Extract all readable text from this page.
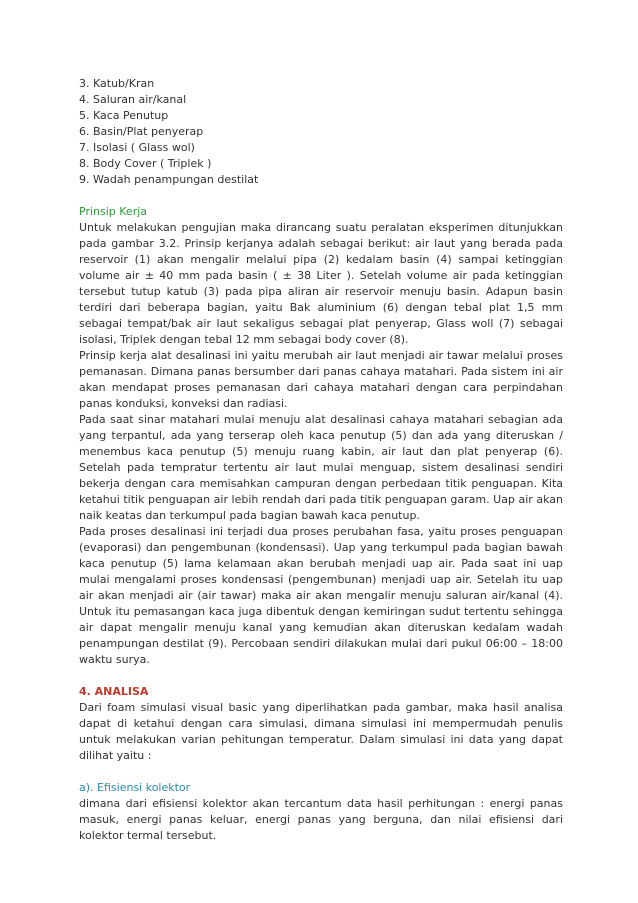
3. Katub/Kran

4. Saluran air/kanal

5. Kaca Penutup

6. Basin/Plat penyerap

7. Isolasi ( Glass wol)

8. Body Cover ( Triplek )

9. Wadah penampungan destilat

Prinsip Kerja

Untuk melakukan pengujian maka dirancang suatu peralatan eksperimen ditunjukkan pada gambar 3.2. Prinsip kerjanya adalah sebagai berikut: air laut yang berada pada reservoir (1) akan mengalir melalui pipa (2) kedalam basin (4) sampai ketinggian volume air ± 40 mm pada basin ( ± 38 Liter ). Setelah volume air pada ketinggian tersebut tutup katub (3) pada pipa aliran air reservoir menuju basin. Adapun basin terdiri dari beberapa bagian, yaitu Bak aluminium (6) dengan tebal plat 1,5 mm sebagai tempat/bak air laut sekaligus sebagai plat penyerap, Glass woll (7) sebagai isolasi, Triplek dengan tebal 12 mm sebagai body cover (8).

Prinsip kerja alat desalinasi ini yaitu merubah air laut menjadi air tawar melalui proses pemanasan. Dimana panas bersumber dari panas cahaya matahari. Pada sistem ini air akan mendapat proses pemanasan dari cahaya matahari dengan cara perpindahan panas konduksi, konveksi dan radiasi.

Pada saat sinar matahari mulai menuju alat desalinasi cahaya matahari sebagian ada yang terpantul, ada yang terserap oleh kaca penutup (5) dan ada yang diteruskan / menembus kaca penutup (5) menuju ruang kabin, air laut dan plat penyerap (6). Setelah pada tempratur tertentu air laut mulai menguap, sistem desalinasi sendiri bekerja dengan cara memisahkan campuran dengan perbedaan titik penguapan. Kita ketahui titik penguapan air lebih rendah dari pada titik penguapan garam. Uap air akan naik keatas dan terkumpul pada bagian bawah kaca penutup.

Pada proses desalinasi ini terjadi dua proses perubahan fasa, yaitu proses penguapan (evaporasi) dan pengembunan (kondensasi). Uap yang terkumpul pada bagian bawah kaca penutup (5) lama kelamaan akan berubah menjadi uap air. Pada saat ini uap mulai mengalami proses kondensasi (pengembunan) menjadi uap air. Setelah itu uap air akan menjadi air (air tawar) maka air akan mengalir menuju saluran air/kanal (4). Untuk itu pemasangan kaca juga dibentuk dengan kemiringan sudut tertentu sehingga air dapat mengalir menuju kanal yang kemudian akan diteruskan kedalam wadah penampungan destilat (9). Percobaan sendiri dilakukan mulai dari pukul 06:00 – 18:00 waktu surya.

4. ANALISA

Dari foam simulasi visual basic yang diperlihatkan pada gambar, maka hasil analisa dapat di ketahui dengan cara simulasi, dimana simulasi ini mempermudah penulis untuk melakukan varian pehitungan temperatur. Dalam simulasi ini data yang dapat dilihat yaitu :

a). Efisiensi kolektor

dimana dari efisiensi kolektor akan tercantum data hasil perhitungan : energi panas masuk, energi panas keluar, energi panas yang berguna, dan nilai efisiensi dari kolektor termal tersebut.
